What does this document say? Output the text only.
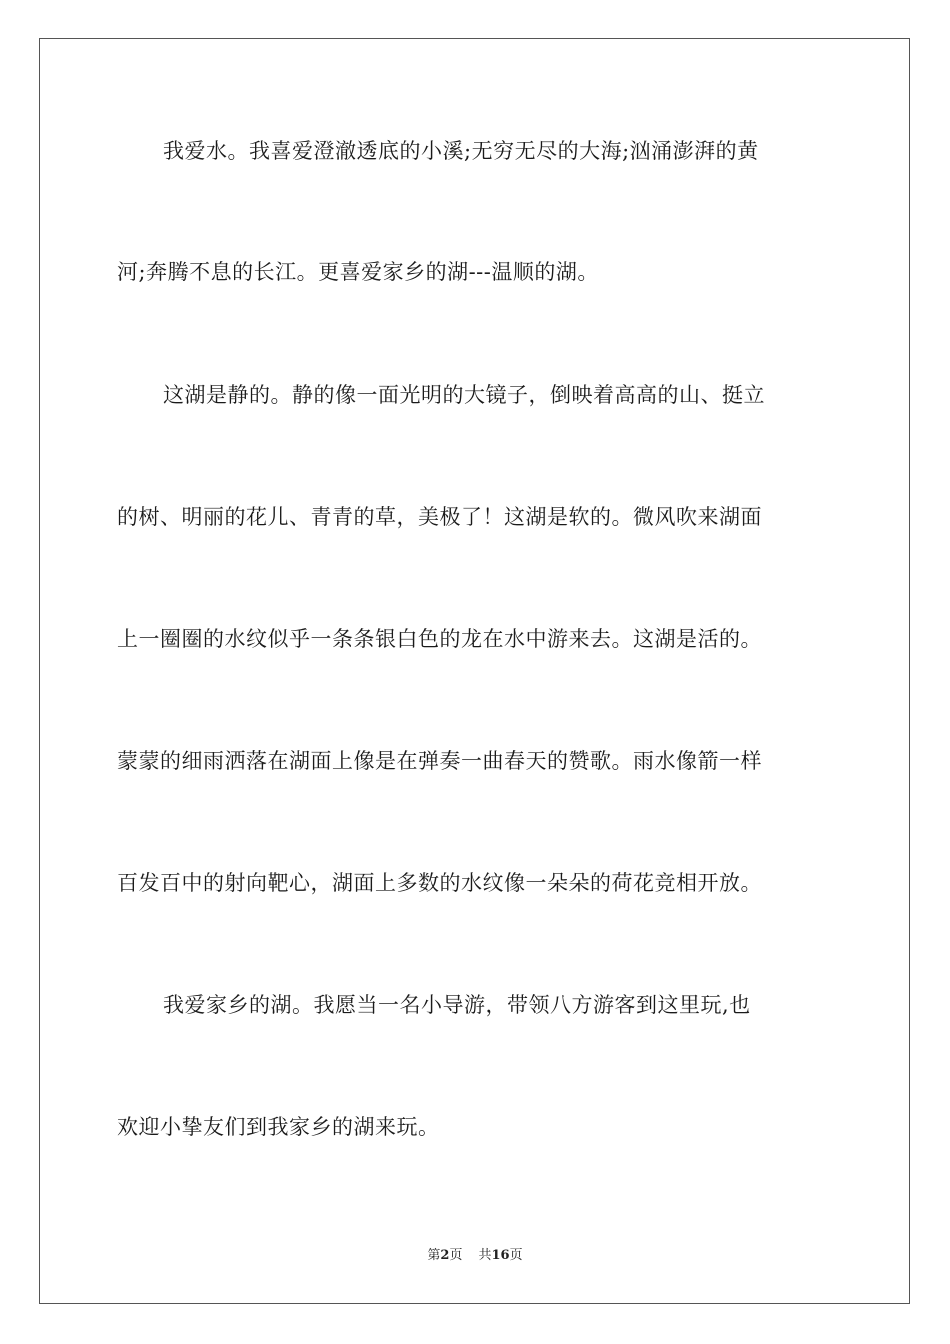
我爱水。我喜爱澄澈透底的小溪;无穷无尽的大海;汹涌澎湃的黄
河;奔腾不息的长江。更喜爱家乡的湖---温顺的湖。
这湖是静的。静的像一面光明的大镜子，倒映着高高的山、挺立
的树、明丽的花儿、青青的草，美极了！这湖是软的。微风吹来湖面
上一圈圈的水纹似乎一条条银白色的龙在水中游来去。这湖是活的。
蒙蒙的细雨洒落在湖面上像是在弹奏一曲春天的赞歌。雨水像箭一样
百发百中的射向靶心，湖面上多数的水纹像一朵朵的荷花竞相开放。
我爱家乡的湖。我愿当一名小导游，带领八方游客到这里玩,也
欢迎小挚友们到我家乡的湖来玩。
第2页 共16页
